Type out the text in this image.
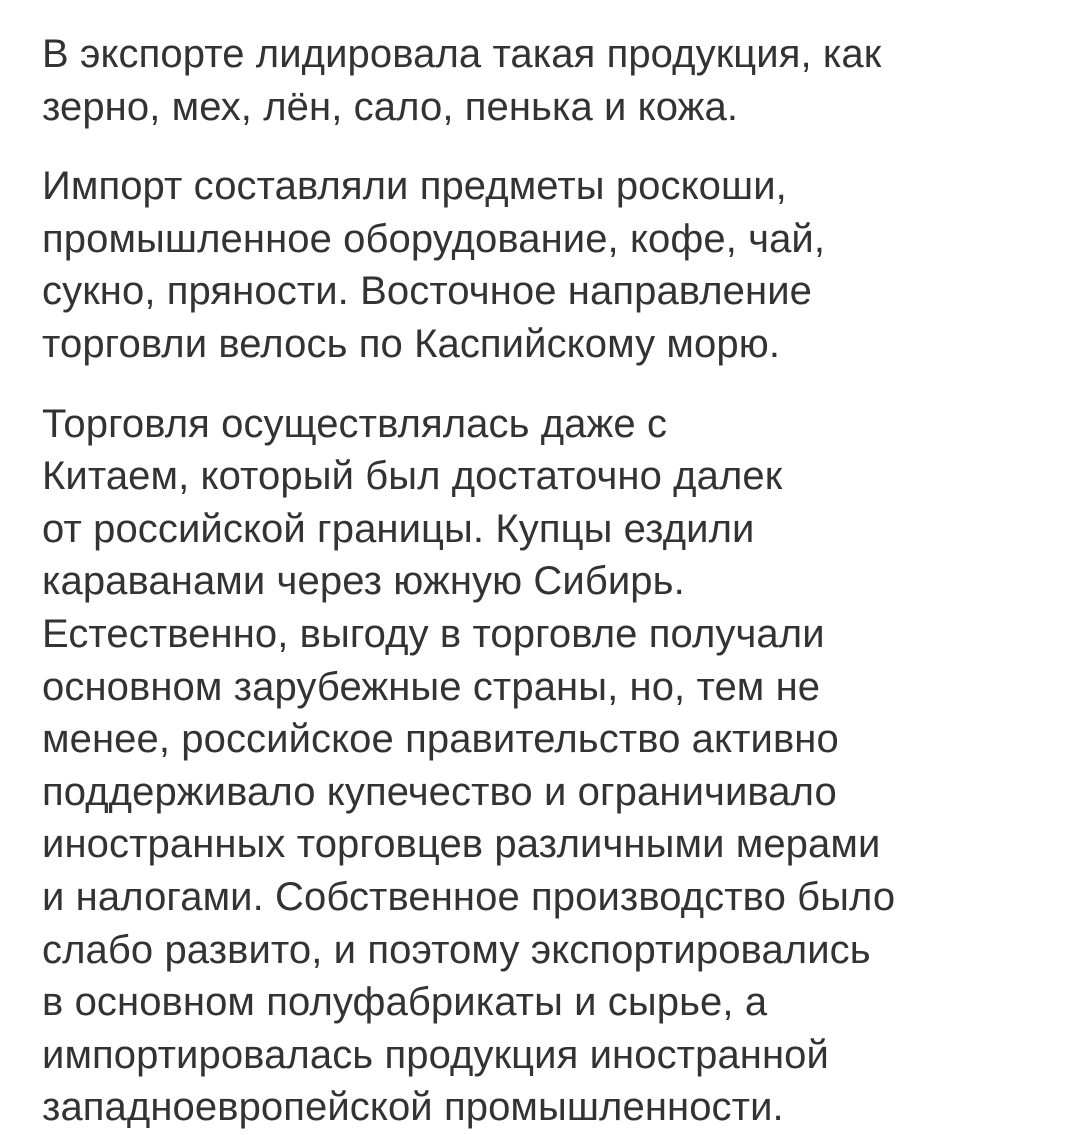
В экспорте лидировала такая продукция, как
зерно, мех, лён, сало, пенька и кожа.

Импорт составляли предметы роскоши,
промышленное оборудование, кофе, чай,
сукно, пряности. Восточное направление
торговли велось по Каспийскому морю.

Торговля осуществлялась даже с
Китаем, который был достаточно далек
от российской границы. Купцы ездили
караванами через южную Сибирь.
Естественно, выгоду в торговле получали
основном зарубежные страны, но, тем не
менее, российское правительство активно
поддерживало купечество и ограничивало
иностранных торговцев различными мерами
и налогами. Собственное производство было
слабо развито, и поэтому экспортировались
в основном полуфабрикаты и сырье, а
импортировалась продукция иностранной
западноевропейской промышленности.
